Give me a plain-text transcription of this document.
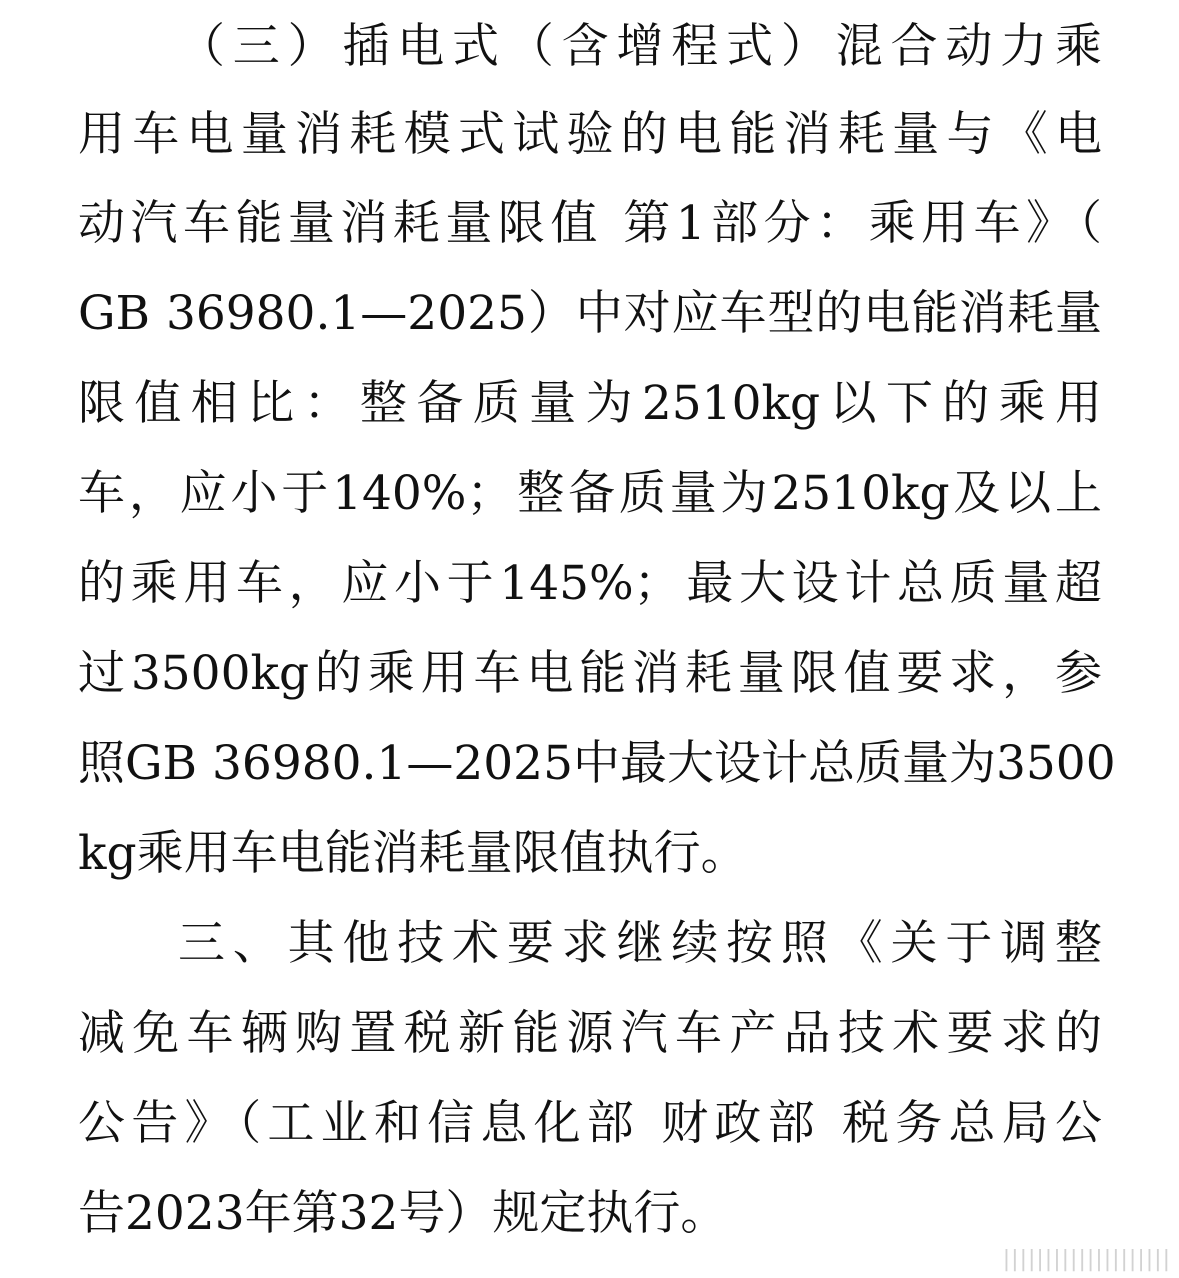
（三）插电式（含增程式）混合动力乘
用车电量消耗模式试验的电能消耗量与《电
动汽车能量消耗量限值 第1部分：乘用车》（
GB 36980.1—2025）中对应车型的电能消耗量
限值相比：整备质量为2510kg以下的乘用
车，应小于140%；整备质量为2510kg及以上
的乘用车，应小于145%；最大设计总质量超
过3500kg的乘用车电能消耗量限值要求，参
照GB 36980.1—2025中最大设计总质量为3500
kg乘用车电能消耗量限值执行。
三、其他技术要求继续按照《关于调整
减免车辆购置税新能源汽车产品技术要求的
公告》（工业和信息化部 财政部 税务总局公
告2023年第32号）规定执行。
||||||||||||||||||||
